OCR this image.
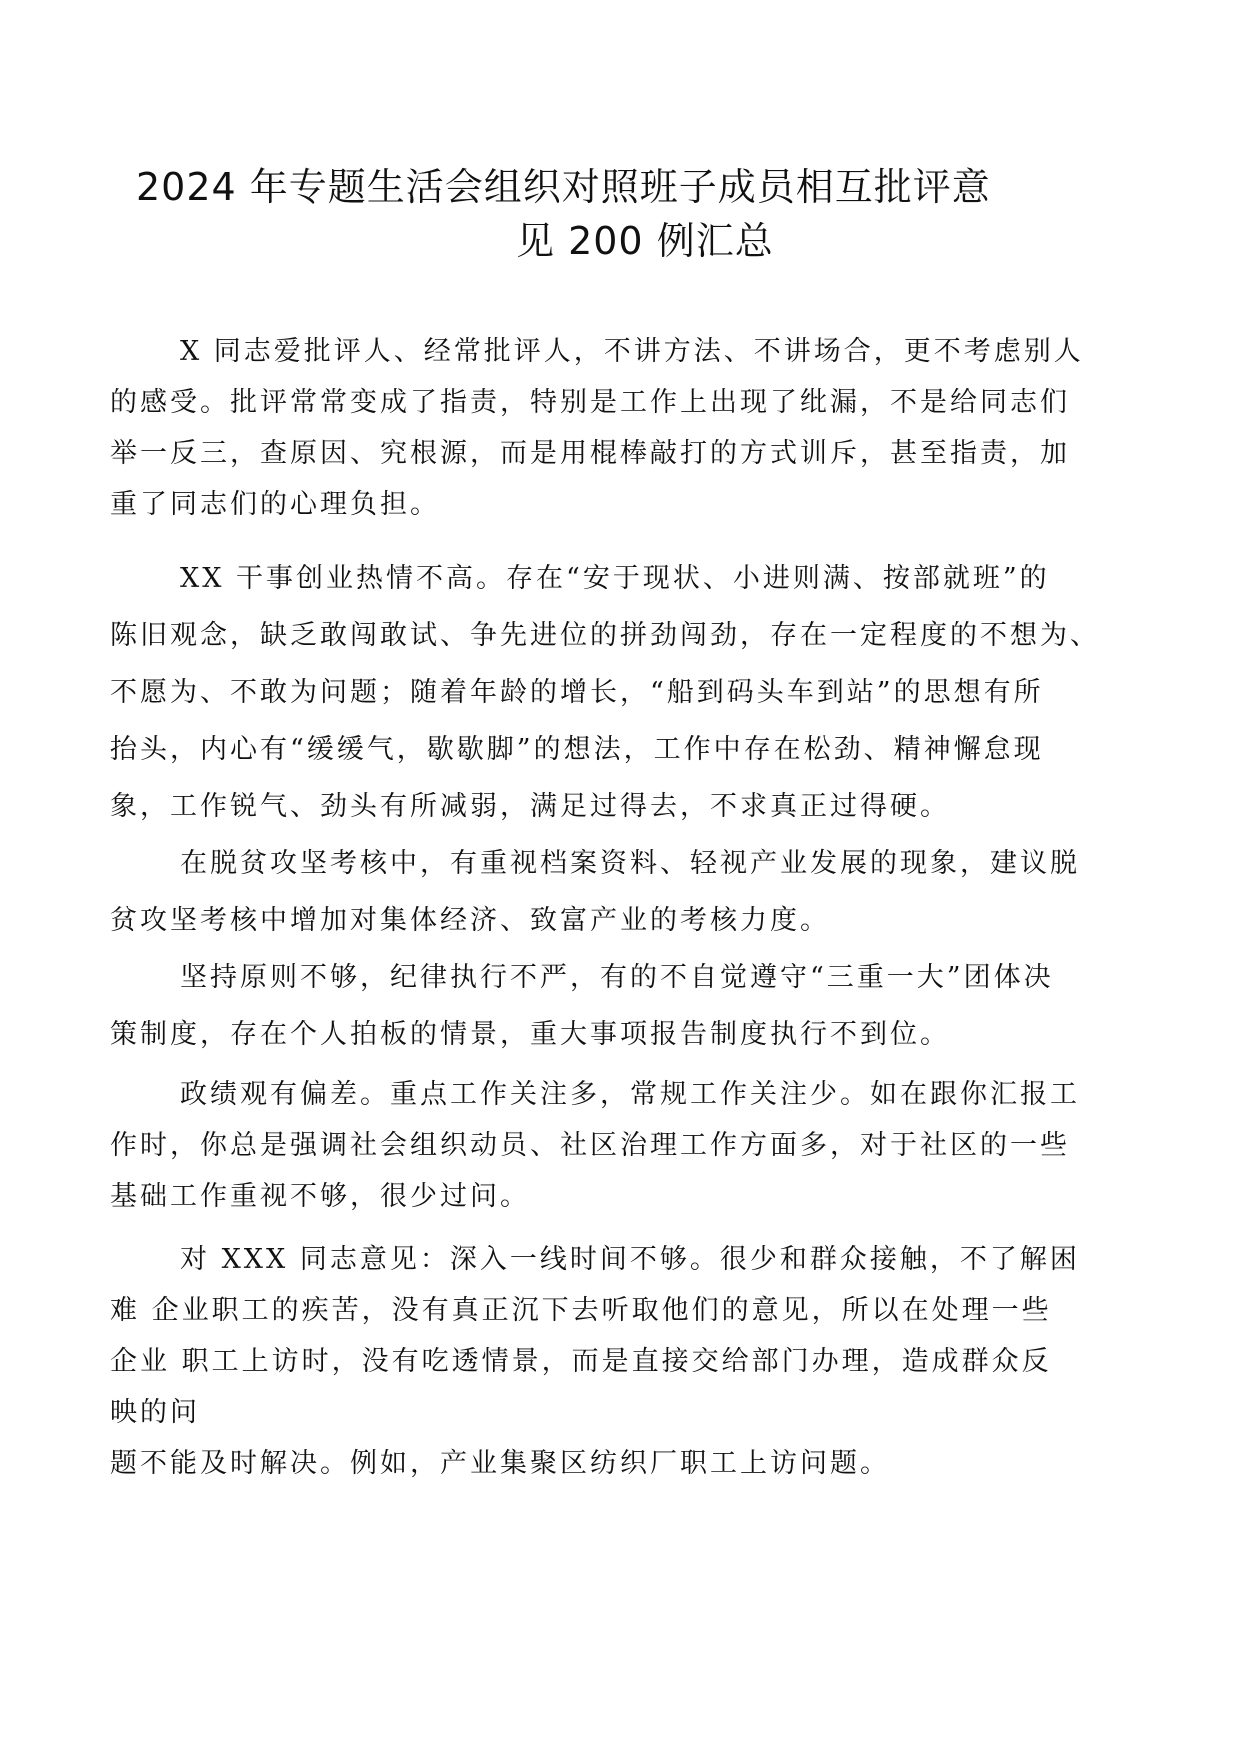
2024 年专题生活会组织对照班子成员相互批评意
见 200 例汇总
X 同志爱批评人、经常批评人，不讲方法、不讲场合，更不考虑别人
的感受。批评常常变成了指责，特别是工作上出现了纰漏，不是给同志们
举一反三，查原因、究根源，而是用棍棒敲打的方式训斥，甚至指责，加
重了同志们的心理负担。
XX 干事创业热情不高。存在“安于现状、小进则满、按部就班”的
陈旧观念，缺乏敢闯敢试、争先进位的拼劲闯劲，存在一定程度的不想为、
不愿为、不敢为问题；随着年龄的增长，“船到码头车到站”的思想有所
抬头，内心有“缓缓气，歇歇脚”的想法，工作中存在松劲、精神懈怠现
象，工作锐气、劲头有所减弱，满足过得去，不求真正过得硬。
在脱贫攻坚考核中，有重视档案资料、轻视产业发展的现象，建议脱
贫攻坚考核中增加对集体经济、致富产业的考核力度。
坚持原则不够，纪律执行不严，有的不自觉遵守“三重一大”团体决
策制度，存在个人拍板的情景，重大事项报告制度执行不到位。
政绩观有偏差。重点工作关注多，常规工作关注少。如在跟你汇报工
作时，你总是强调社会组织动员、社区治理工作方面多，对于社区的一些
基础工作重视不够，很少过问。
对 XXX 同志意见：深入一线时间不够。很少和群众接触，不了解困
难 企业职工的疾苦，没有真正沉下去听取他们的意见，所以在处理一些
企业 职工上访时，没有吃透情景，而是直接交给部门办理，造成群众反
映的问
题不能及时解决。例如，产业集聚区纺织厂职工上访问题。
